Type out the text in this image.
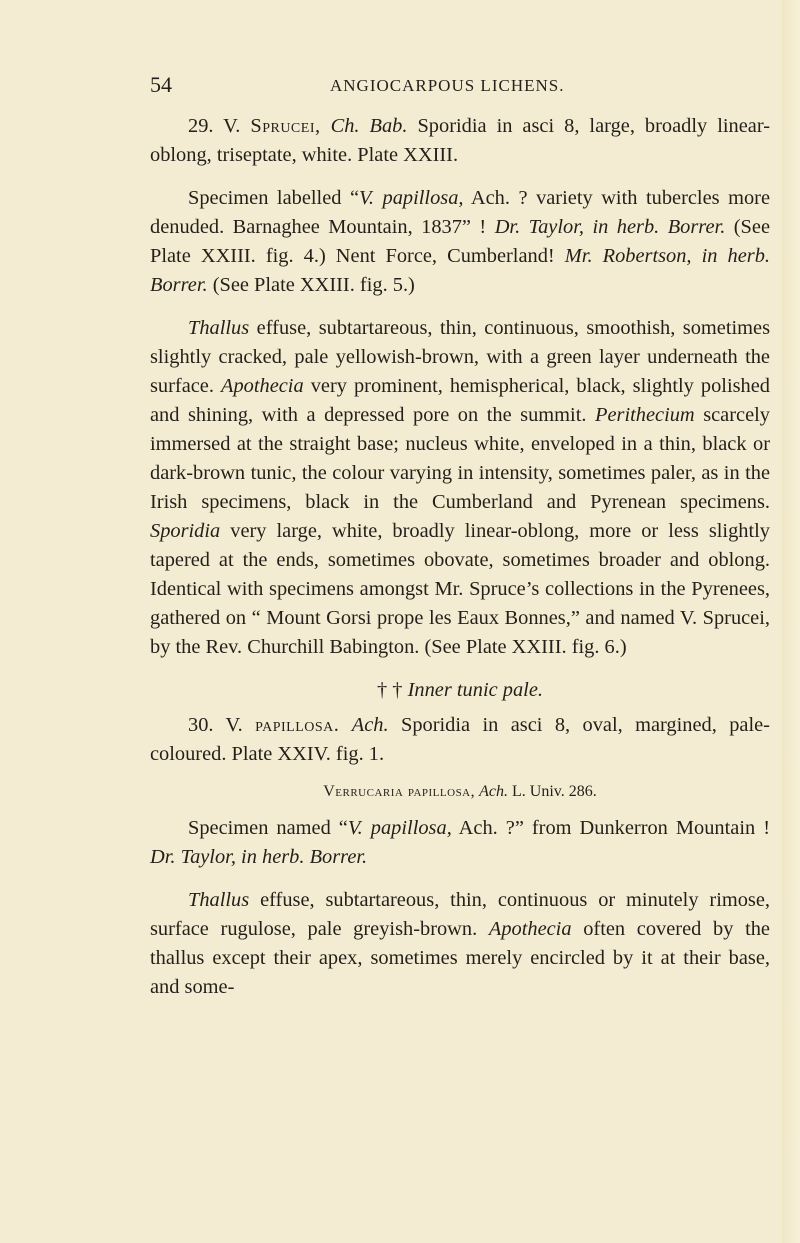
54	ANGIOCARPOUS LICHENS.

29. V. Sprucei, Ch. Bab. Sporidia in asci 8, large, broadly linear-oblong, triseptate, white. Plate XXIII.

Specimen labelled “V. papillosa, Ach. ? variety with tubercles more denuded. Barnaghee Mountain, 1837” ! Dr. Taylor, in herb. Borrer. (See Plate XXIII. fig. 4.) Nent Force, Cumberland! Mr. Robertson, in herb. Borrer. (See Plate XXIII. fig. 5.)

Thallus effuse, subtartareous, thin, continuous, smoothish, sometimes slightly cracked, pale yellowish-brown, with a green layer underneath the surface. Apothecia very prominent, hemispherical, black, slightly polished and shining, with a depressed pore on the summit. Perithecium scarcely immersed at the straight base; nucleus white, enveloped in a thin, black or dark-brown tunic, the colour varying in intensity, sometimes paler, as in the Irish specimens, black in the Cumberland and Pyrenean specimens. Sporidia very large, white, broadly linear-oblong, more or less slightly tapered at the ends, sometimes obovate, sometimes broader and oblong. Identical with specimens amongst Mr. Spruce’s collections in the Pyrenees, gathered on “ Mount Gorsi prope les Eaux Bonnes,” and named V. Sprucei, by the Rev. Churchill Babington. (See Plate XXIII. fig. 6.)

† † Inner tunic pale.

30. V. papillosa. Ach. Sporidia in asci 8, oval, margined, pale-coloured. Plate XXIV. fig. 1.

Verrucaria papillosa, Ach. L. Univ. 286.

Specimen named “V. papillosa, Ach. ?” from Dunkerron Mountain ! Dr. Taylor, in herb. Borrer.

Thallus effuse, subtartareous, thin, continuous or minutely rimose, surface rugulose, pale greyish-brown. Apothecia often covered by the thallus except their apex, sometimes merely encircled by it at their base, and some-
